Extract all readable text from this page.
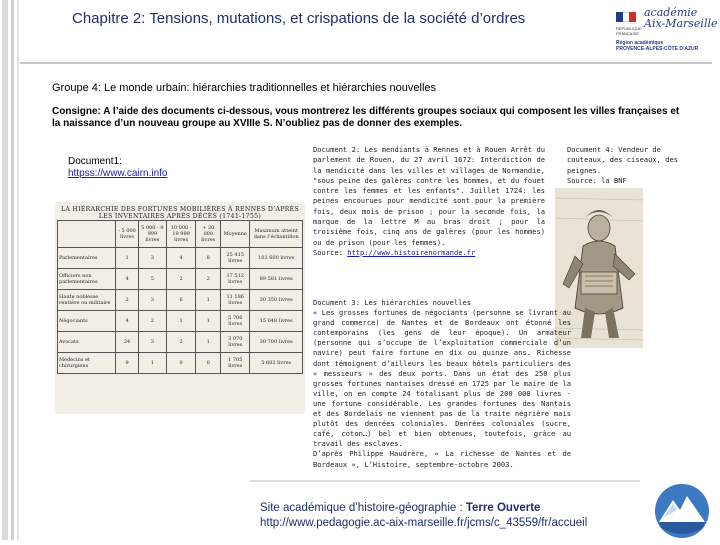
Chapitre 2: Tensions, mutations, et crispations de la société d’ordres
RÉPUBLIQUE FRANÇAISE
académie
Aix-Marseille
Région académique
PROVENCE-ALPES-CÔTE D’AZUR
Groupe 4: Le monde urbain: hiérarchies traditionnelles et hiérarchies nouvelles
Consigne: A l’aide des documents ci-dessous, vous montrerez les différents groupes sociaux qui composent les villes françaises et la naissance d’un nouveau groupe au XVIIIe S. N’oubliez pas de donner des exemples.
Document1:
httpss://www.cairn.info
LA HIÉRARCHIE DES FORTUNES MOBILIÈRES À RENNES D’APRÈS LES INVENTAIRES APRÈS DÉCÈS (1741-1755)
	- 5 000 livres	5 000 - 9 999 livres	10 000 - 19 999 livres	+ 20 000 livres	Moyenne	Maximum atteint dans l’échantillon
Parlementaires	1	3	4	8	25 415 livres	102 600 livres
Officiers non parlementaires	4	5	2	2	17 512 livres	89 581 livres
Haute noblesse rentière ou militaire	2	3	6	1	11 186 livres	30 350 livres
Négociants	4	2	1	1	5 706 livres	15 648 livres
Avocats	24	3	2	1	3 070 livres	30 700 livres
Médecins et chirurgiens	9	1	0	0	1 705 livres	5 602 livres
Document 2: Les mendiants à Rennes et à Rouen Arrêt du parlement de Rouen, du 27 avril 1672: Interdiction de la mendicité dans les villes et villages de Normandie, "sous peine des galères contre les hommes, et du fouet contre les femmes et les enfants". Juillet 1724: les peines encourues pour mendicité sont pour la première fois, deux mois de prison ; pour la seconde fois, la marque de la lettre M au bras droit ; pour la troisième fois, cinq ans de galères (pour les hommes) ou de prison (pour les femmes).
Source: http://www.histoirenormande.fr
Document 4: Vendeur de couteaux, des ciseaux, des peignes.
Source: la BNF
Document 3: Les hiérarchies nouvelles
« Les grosses fortunes de négociants (personne se livrant au grand commerce) de Nantes et de Bordeaux ont étonné les contemporains (les gens de leur époque). Un armateur (personne qui s’occupe de l’exploitation commerciale d’un navire) peut faire fortune en dix ou quinze ans. Richesse dont témoignent d’ailleurs les beaux hôtels particuliers des « messieurs » des deux ports. Dans un état des 250 plus grosses fortunes nantaises dressé en 1725 par le maire de la ville, on en compte 24 totalisant plus de 200 000 livres - une fortune considérable. Les grandes fortunes des Nantais et des Bordelais ne viennent pas de la traite négrière mais plutôt des denrées coloniales. Denrées coloniales (sucre, café, coton…) bel et bien obtenues, toutefois, grâce au travail des esclaves.
D’après Philippe Haudrère, « La richesse de Nantes et de Bordeaux », L’Histoire, septembre-octobre 2003.
Site académique d’histoire-géographie : Terre Ouverte
http://www.pedagogie.ac-aix-marseille.fr/jcms/c_43559/fr/accueil
